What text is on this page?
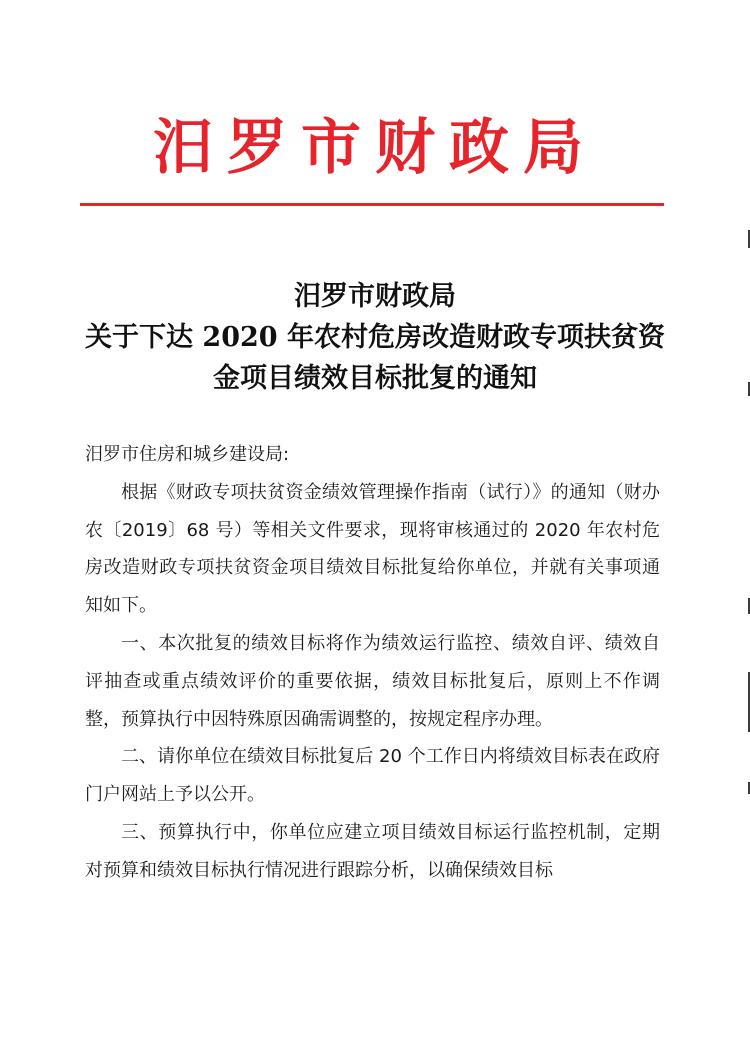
汨罗市财政局
汨罗市财政局
关于下达 2020 年农村危房改造财政专项扶贫资
金项目绩效目标批复的通知

汨罗市住房和城乡建设局:

根据《财政专项扶贫资金绩效管理操作指南（试行）》的通知（财办农〔2019〕68 号）等相关文件要求，现将审核通过的 2020 年农村危房改造财政专项扶贫资金项目绩效目标批复给你单位，并就有关事项通知如下。

一、本次批复的绩效目标将作为绩效运行监控、绩效自评、绩效自评抽查或重点绩效评价的重要依据，绩效目标批复后，原则上不作调整，预算执行中因特殊原因确需调整的，按规定程序办理。

二、请你单位在绩效目标批复后 20 个工作日内将绩效目标表在政府门户网站上予以公开。

三、预算执行中，你单位应建立项目绩效目标运行监控机制，定期对预算和绩效目标执行情况进行跟踪分析，以确保绩效目标
